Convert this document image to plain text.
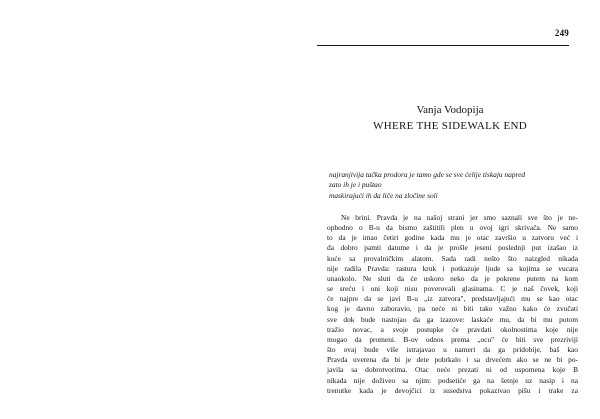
249
Vanja Vodopija
WHERE THE SIDEWALK END
najranjivija tačka prodora je tamo gde se sve ćelije tiskaju napred
zato ih je i puštao
maskirajući ih da liče na zločine soli
Ne brini. Pravda je na našoj strani jer smo saznali sve što je ne-
ophodno o B-u da bismo zaštitili plen u ovoj igri skrivača. Ne samo
to da je imao četiri godine kada mu je otac završio u zatvoru već i
da dobro pamti datume i da je prošle jeseni poslednji put izašao iz
kuće sa provalničkim alatom. Sada radi nešto što naizgled nikada
nije radila Pravda: rastura kruk i potkazuje ljude sa kojima se vucara
unaokolo. Ne sluti da će uskoro neko da je pokrene putem na kom
se sreću i oni koji nisu poverovali glasinama. C je naš čovek, koji
će najpre da se javi B-u „iz zatvora", predstavljajući mu se kao otac
kog je davno zaboravio, pa neće ni biti tako važno kako će zvučati
sve dok bude nastojao da ga izazove: laskaće mu, da bi mu potom
tražio novac, a svoje postupke će pravdati okolnostima koje nije
mogao da promeni. B-ov odnos prema „ocu" će biti sve prezriviji
što ovaj bude više istrajavao u nameri da ga pridobije, baš kao
Pravda uverena da bi je dete pobrkalo i sa drvećem ako se ne bi po-
javila sa dobrotvorima. Otac neće prezati ni od uspomena koje B
nikada nije doživeo sa njim: podsetiće ga na šetnje uz nasip i na
trenutke kada je devojčici iz susedstva pokazivao pišu i trake za
